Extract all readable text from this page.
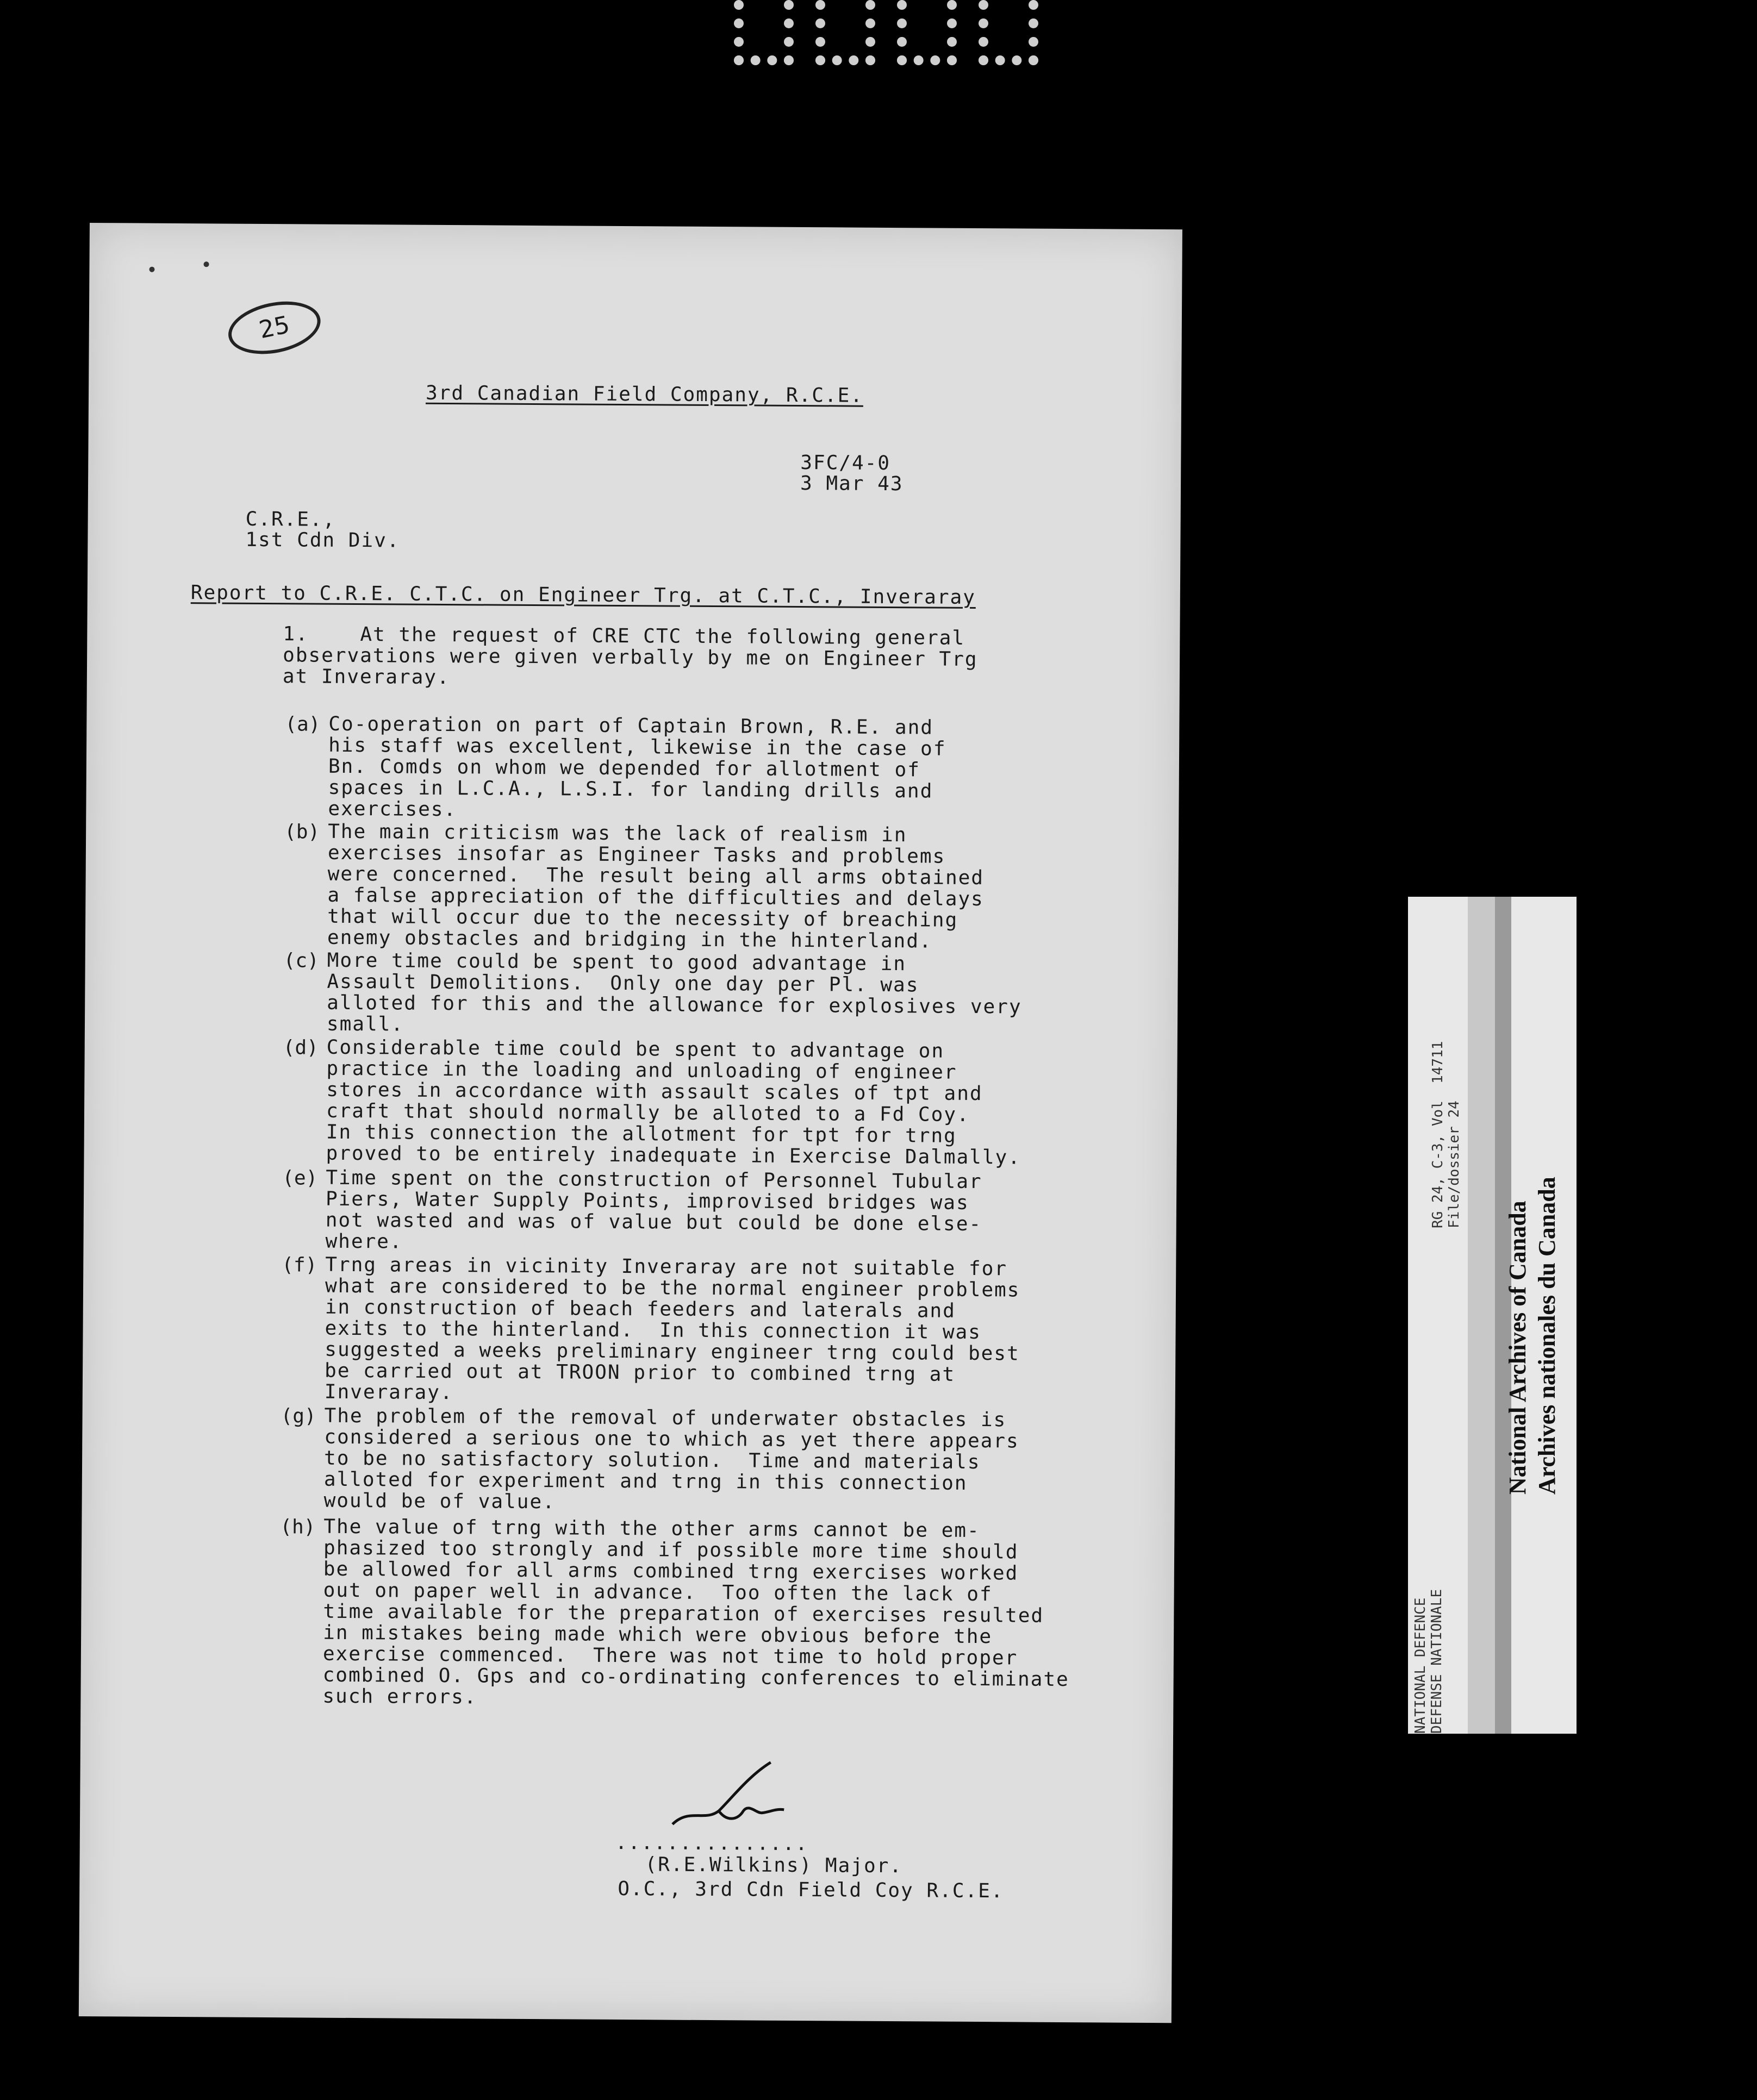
25
3rd Canadian Field Company, R.C.E.
3FC/4-0
3 Mar 43
C.R.E.,
1st Cdn Div.
Report to C.R.E. C.T.C. on Engineer Trg. at C.T.C., Inveraray
1.    At the request of CRE CTC the following general
observations were given verbally by me on Engineer Trg
at Inveraray.
(a) Co-operation on part of Captain Brown, R.E. and
his staff was excellent, likewise in the case of
Bn. Comds on whom we depended for allotment of
spaces in L.C.A., L.S.I. for landing drills and
exercises.
(b) The main criticism was the lack of realism in
exercises insofar as Engineer Tasks and problems
were concerned.  The result being all arms obtained
a false appreciation of the difficulties and delays
that will occur due to the necessity of breaching
enemy obstacles and bridging in the hinterland.
(c) More time could be spent to good advantage in
Assault Demolitions.  Only one day per Pl. was
alloted for this and the allowance for explosives very
small.
(d) Considerable time could be spent to advantage on
practice in the loading and unloading of engineer
stores in accordance with assault scales of tpt and
craft that should normally be alloted to a Fd Coy.
In this connection the allotment for tpt for trng
proved to be entirely inadequate in Exercise Dalmally.
(e) Time spent on the construction of Personnel Tubular
Piers, Water Supply Points, improvised bridges was
not wasted and was of value but could be done else-
where.
(f) Trng areas in vicinity Inveraray are not suitable for
what are considered to be the normal engineer problems
in construction of beach feeders and laterals and
exits to the hinterland.  In this connection it was
suggested a weeks preliminary engineer trng could best
be carried out at TROON prior to combined trng at
Inveraray.
(g) The problem of the removal of underwater obstacles is
considered a serious one to which as yet there appears
to be no satisfactory solution.  Time and materials
alloted for experiment and trng in this connection
would be of value.
(h) The value of trng with the other arms cannot be em-
phasized too strongly and if possible more time should
be allowed for all arms combined trng exercises worked
out on paper well in advance.  Too often the lack of
time available for the preparation of exercises resulted
in mistakes being made which were obvious before the
exercise commenced.  There was not time to hold proper
combined O. Gps and co-ordinating conferences to eliminate
such errors.
...............
(R.E.Wilkins) Major.
O.C., 3rd Cdn Field Coy R.C.E.
NATIONAL DEFENCE
DEFENSE NATIONALE
RG 24, C-3, Vol  14711
File/dossier 24
National Archives of Canada Archives nationales du Canada
